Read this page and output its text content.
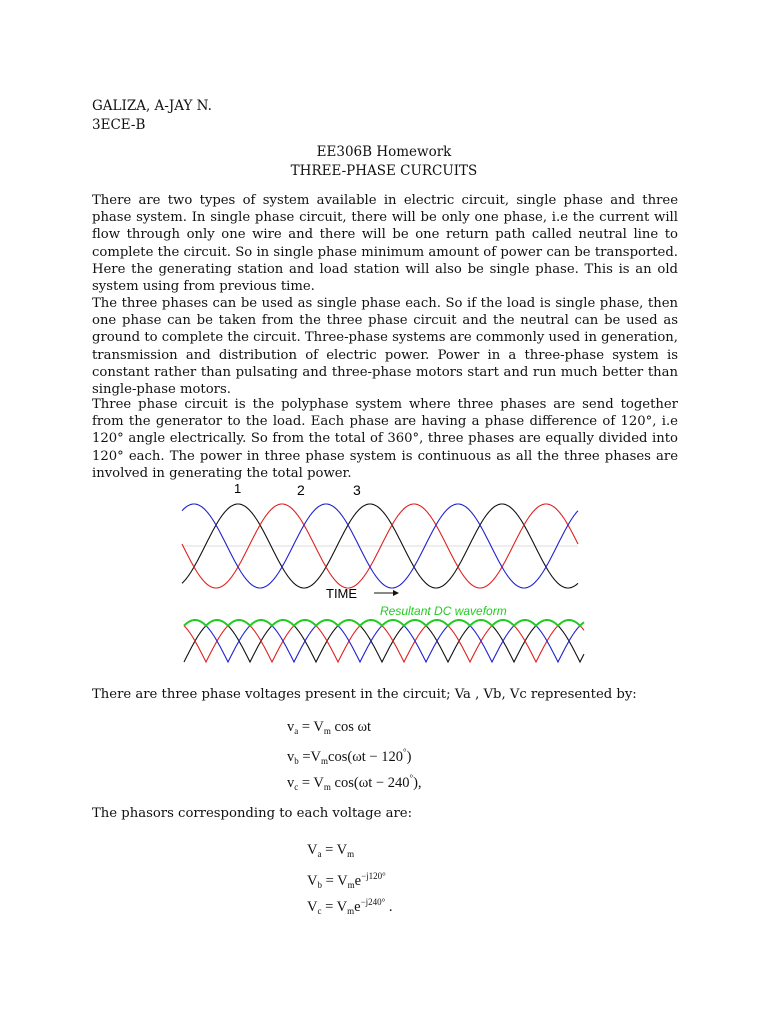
GALIZA, A-JAY N.
3ECE-B
EE306B Homework
THREE-PHASE CURCUITS
There are two types of system available in electric circuit, single phase and three phase system. In single phase circuit, there will be only one phase, i.e the current will flow through only one wire and there will be one return path called neutral line to complete the circuit. So in single phase minimum amount of power can be transported. Here the generating station and load station will also be single phase. This is an old system using from previous time.
The three phases can be used as single phase each. So if the load is single phase, then one phase can be taken from the three phase circuit and the neutral can be used as ground to complete the circuit. Three-phase systems are commonly used in generation, transmission and distribution of electric power. Power in a three-phase system is constant rather than pulsating and three-phase motors start and run much better than single-phase motors.
Three phase circuit is the polyphase system where three phases are send together from the generator to the load. Each phase are having a phase difference of 120°, i.e 120° angle electrically. So from the total of 360°, three phases are equally divided into 120° each. The power in three phase system is continuous as all the three phases are involved in generating the total power.
1	2	3
TIME
Resultant DC waveform
There are three phase voltages present in the circuit; Va , Vb, Vc represented by:
$v_a = V_m$ cos ωt
$v_b =V_m\cos(\omega t - 120^\circ)$
$v_c = V_m$ cos(ωt − 240°),
The phasors corresponding to each voltage are:
$V_a = V_m$
$V_b = V_me^{-j120^\circ}$
$V_c = V_me^{-j240^\circ}$ .
